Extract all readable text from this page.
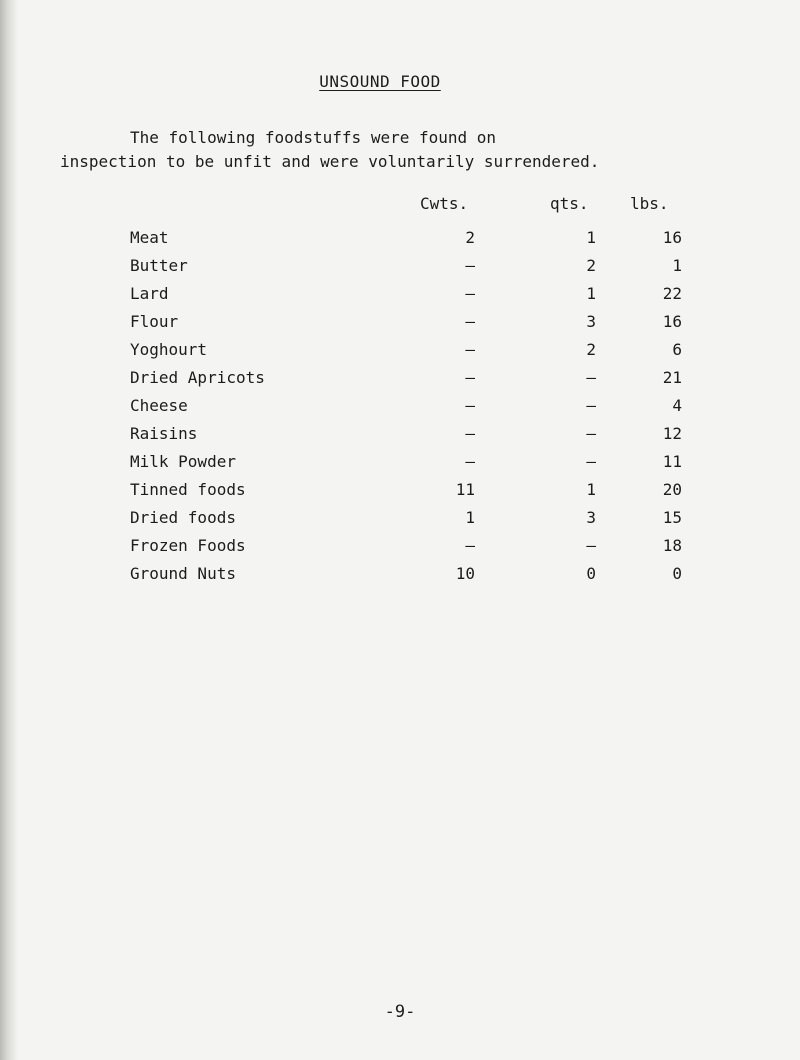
UNSOUND FOOD
The following foodstuffs were found on
inspection to be unfit and were voluntarily surrendered.
Cwts.	qts.	lbs.
Meat	2	1	16
Butter	–	2	1
Lard	–	1	22
Flour	–	3	16
Yoghourt	–	2	6
Dried Apricots	–	–	21
Cheese	–	–	4
Raisins	–	–	12
Milk Powder	–	–	11
Tinned foods	11	1	20
Dried foods	1	3	15
Frozen Foods	–	–	18
Ground Nuts	10	0	0
-9-
